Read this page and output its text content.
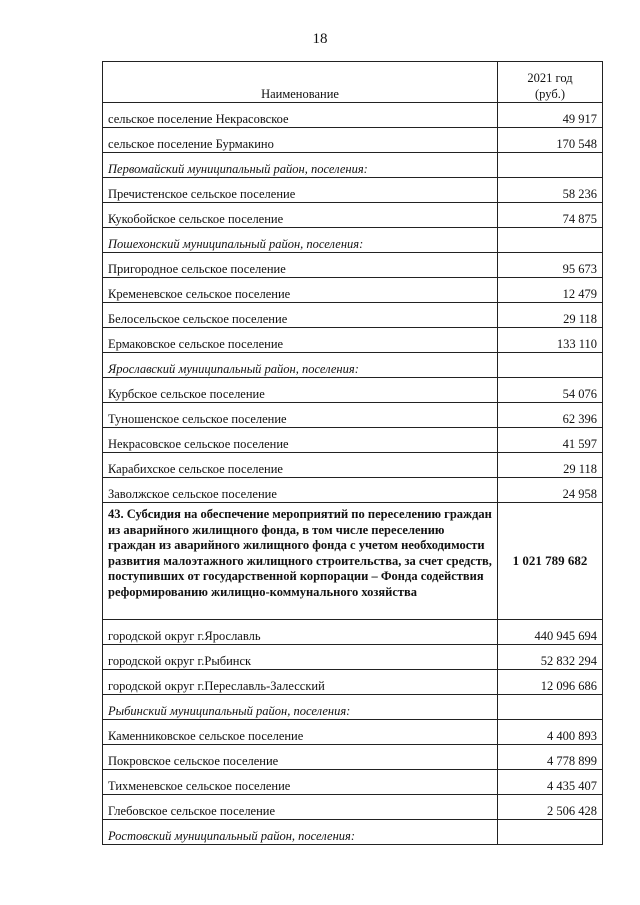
18
Наименование	2021 год
(руб.)
сельское поселение Некрасовское	49 917
сельское поселение Бурмакино	170 548
Первомайский муниципальный район, поселения:	
Пречистенское сельское поселение	58 236
Кукобойское сельское поселение	74 875
Пошехонский муниципальный район, поселения:	
Пригородное сельское поселение	95 673
Кременевское сельское поселение	12 479
Белосельское сельское поселение	29 118
Ермаковское сельское поселение	133 110
Ярославский муниципальный район, поселения:	
Курбское сельское поселение	54 076
Туношенское сельское поселение	62 396
Некрасовское сельское поселение	41 597
Карабихское сельское поселение	29 118
Заволжское сельское поселение	24 958
43. Субсидия на обеспечение мероприятий по переселению граждан из аварийного жилищного фонда, в том числе переселению граждан из аварийного жилищного фонда с учетом необходимости развития малоэтажного жилищного строительства, за счет средств, поступивших от государственной корпорации – Фонда содействия реформированию жилищно-коммунального хозяйства	1 021 789 682
городской округ г.Ярославль	440 945 694
городской округ г.Рыбинск	52 832 294
городской округ г.Переславль-Залесский	12 096 686
Рыбинский муниципальный район, поселения:	
Каменниковское сельское поселение	4 400 893
Покровское сельское поселение	4 778 899
Тихменевское сельское поселение	4 435 407
Глебовское сельское поселение	2 506 428
Ростовский муниципальный район, поселения:	
